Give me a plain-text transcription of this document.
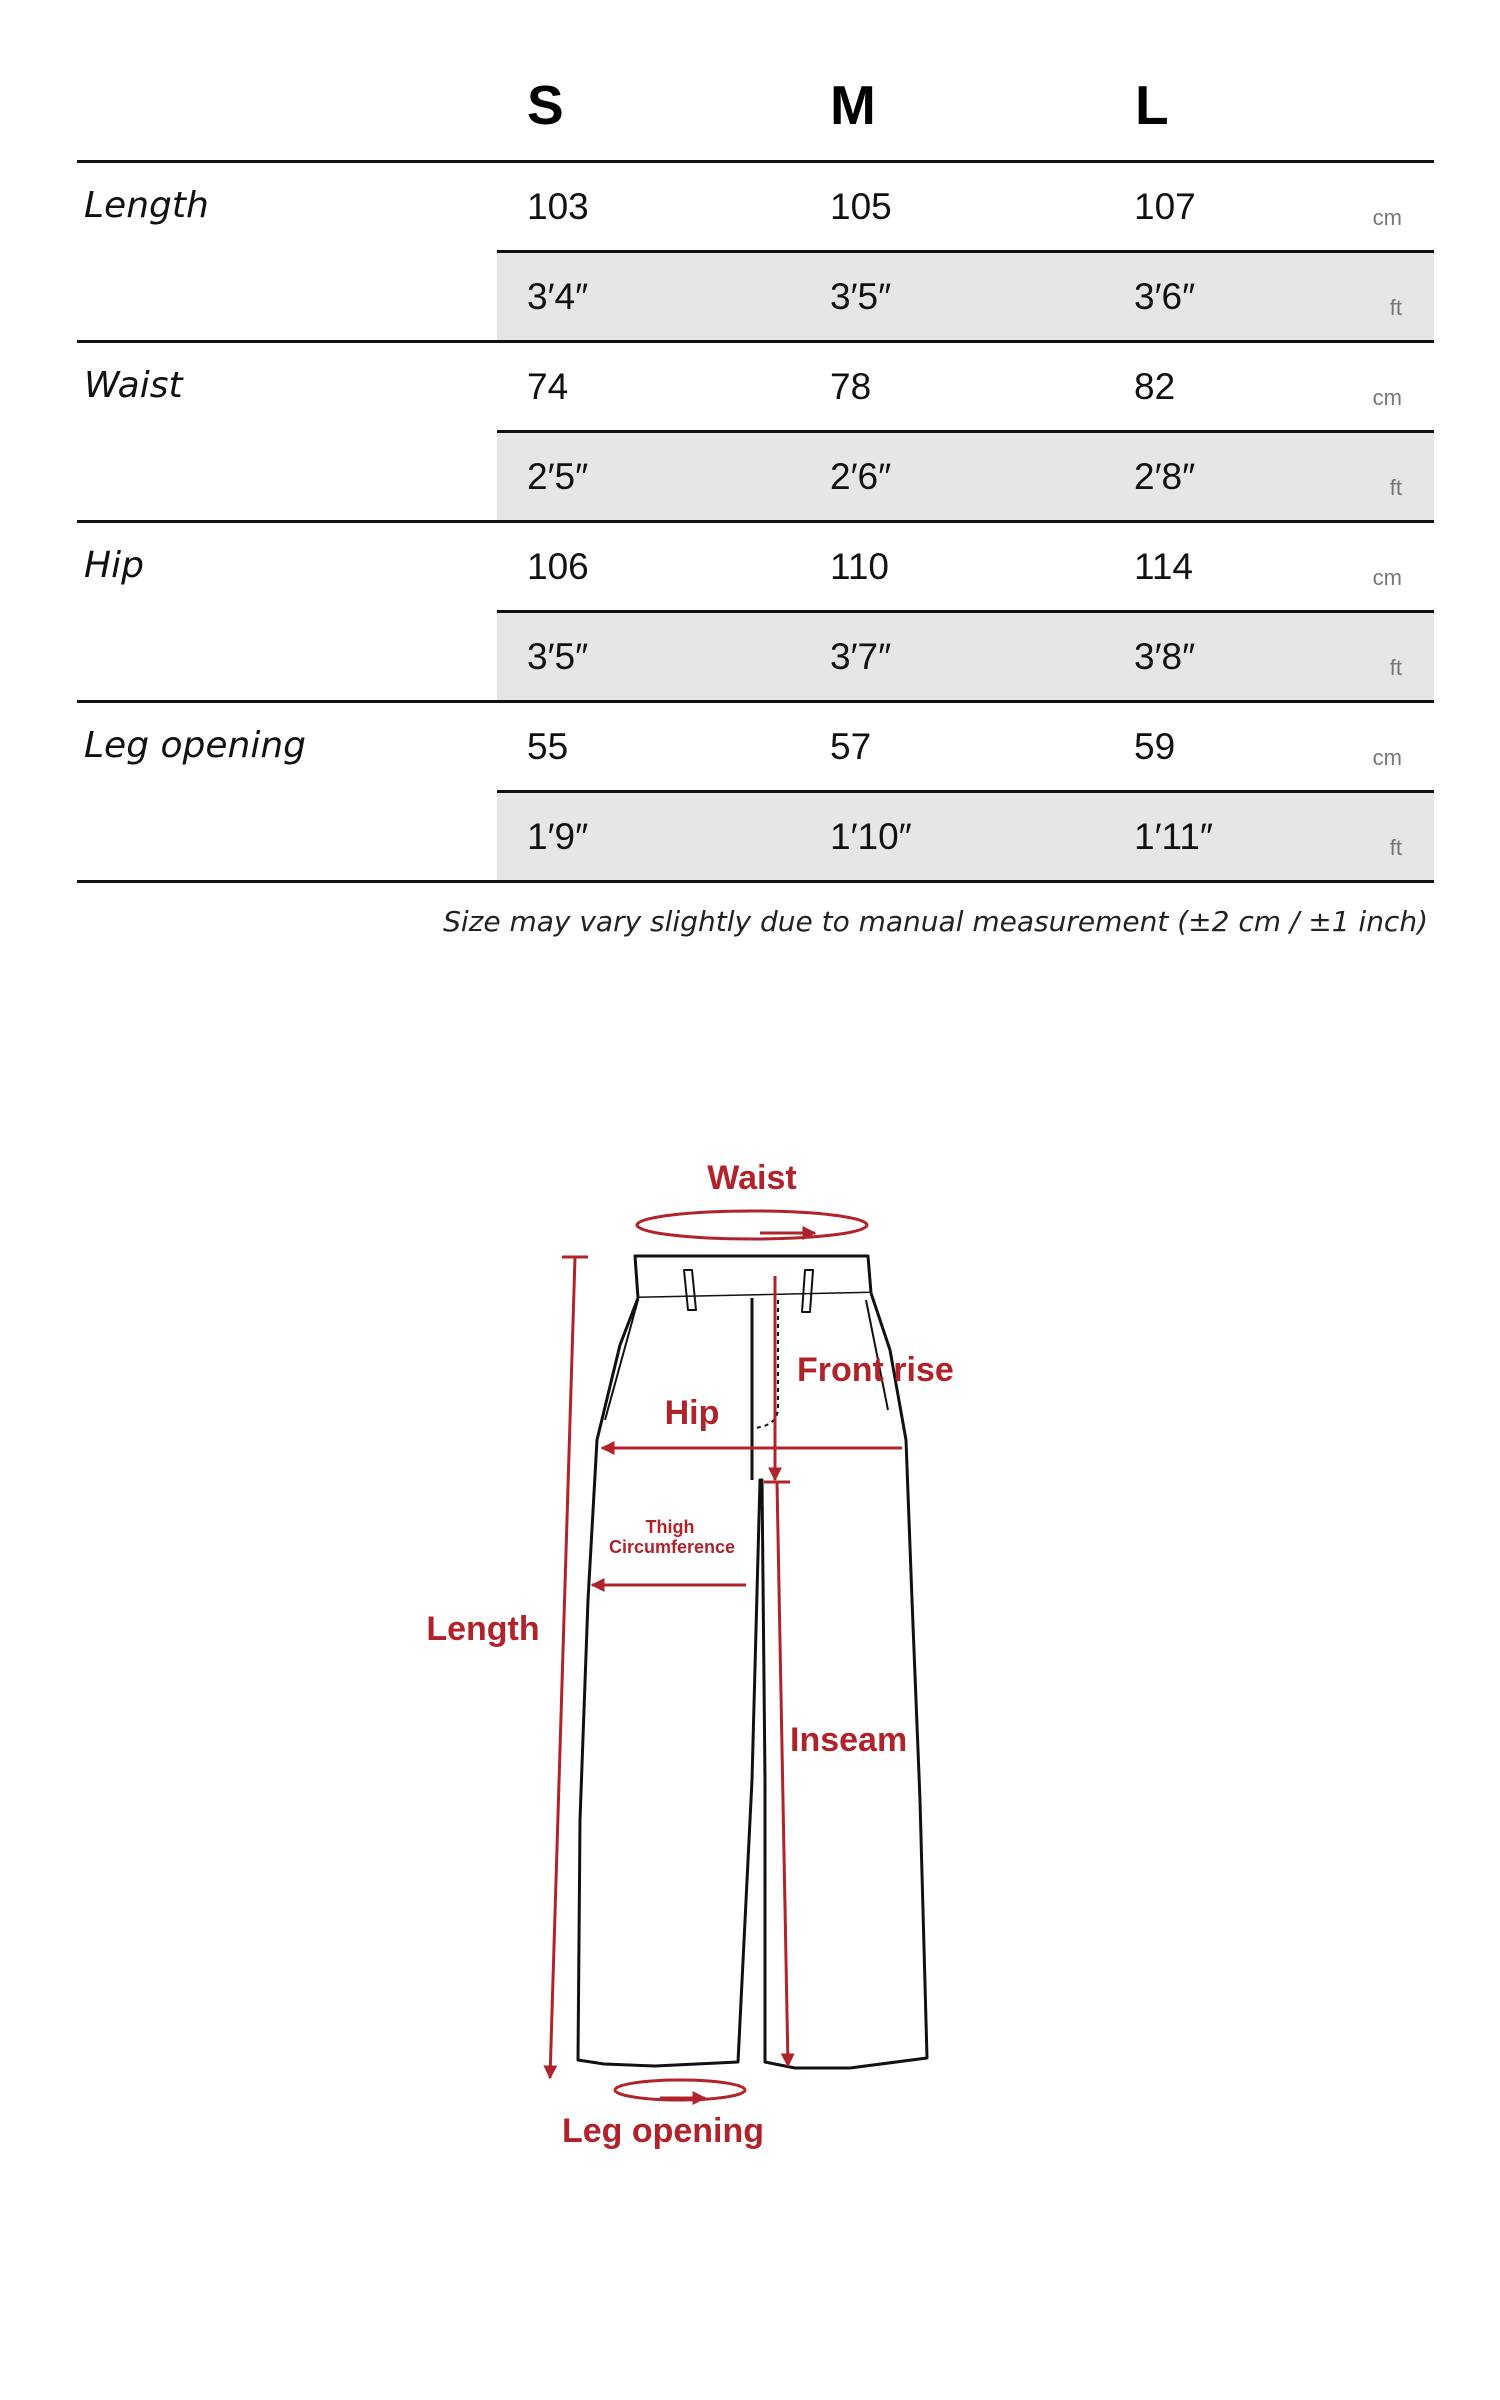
S	M	L
Length	103	105	107	cm
3′4″	3′5″	3′6″	ft
Waist	74	78	82	cm
2′5″	2′6″	2′8″	ft
Hip	106	110	114	cm
3′5″	3′7″	3′8″	ft
Leg opening	55	57	59	cm
1′9″	1′10″	1′11″	ft
Size may vary slightly due to manual measurement (±2 cm / ±1 inch)
Waist
Front rise
Hip
Thigh
Circumference
Length
Inseam
Leg opening
